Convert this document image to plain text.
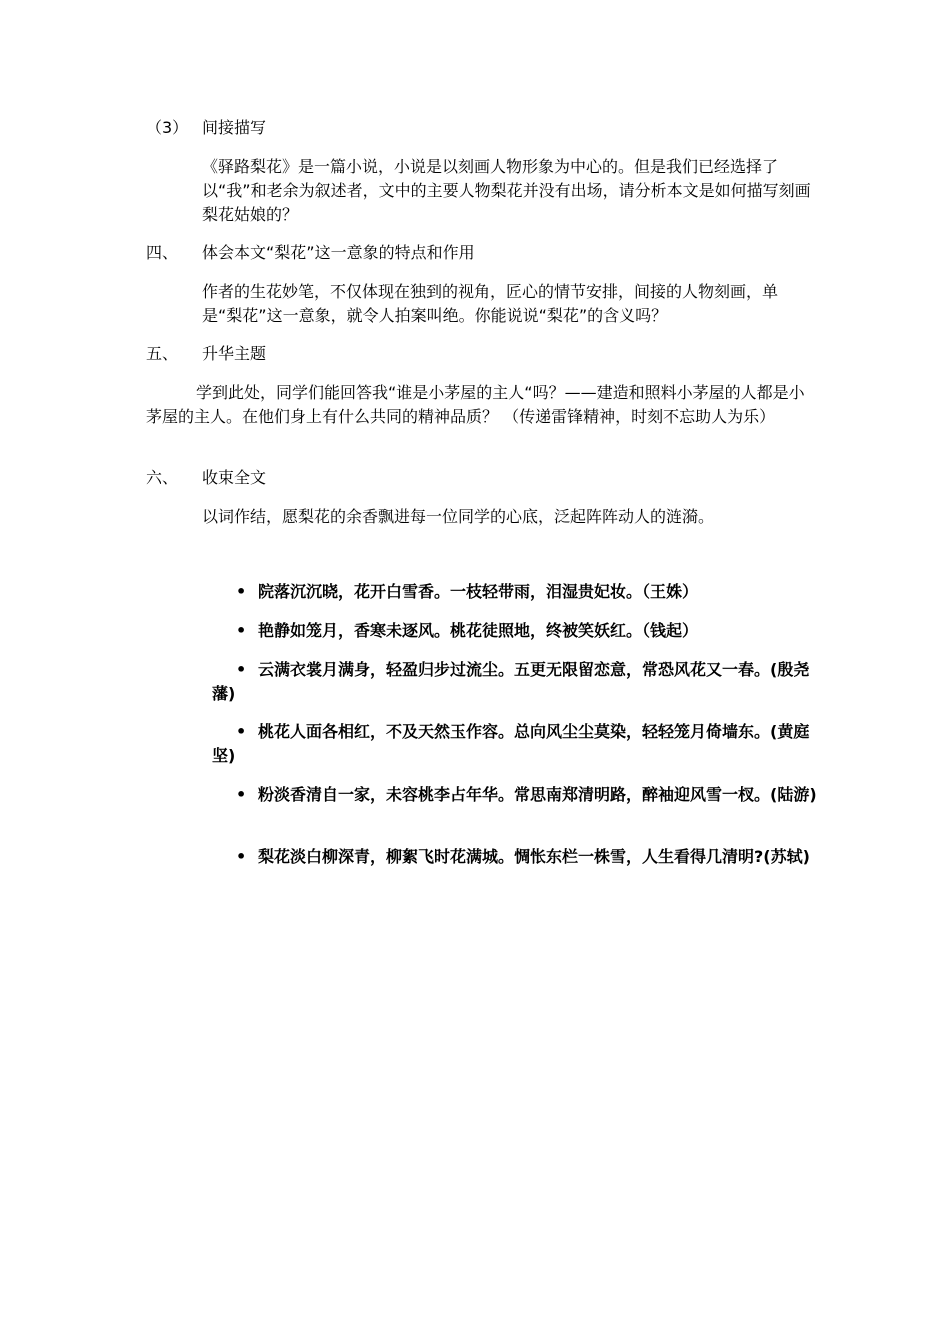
（3） 间接描写
《驿路梨花》是一篇小说，小说是以刻画人物形象为中心的。但是我们已经选择了以“我”和老余为叙述者，文中的主要人物梨花并没有出场，请分析本文是如何描写刻画梨花姑娘的？
四、 体会本文“梨花”这一意象的特点和作用
作者的生花妙笔，不仅体现在独到的视角，匠心的情节安排，间接的人物刻画，单是“梨花”这一意象，就令人拍案叫绝。你能说说“梨花”的含义吗？
五、 升华主题
学到此处，同学们能回答我“谁是小茅屋的主人“吗？——建造和照料小茅屋的人都是小茅屋的主人。在他们身上有什么共同的精神品质？ （传递雷锋精神，时刻不忘助人为乐）
六、 收束全文
以词作结，愿梨花的余香飘进每一位同学的心底，泛起阵阵动人的涟漪。
• 院落沉沉晓，花开白雪香。一枝轻带雨，泪湿贵妃妆。（王姝）
• 艳静如笼月，香寒未逐风。桃花徒照地，终被笑妖红。（钱起）
• 云满衣裳月满身，轻盈归步过流尘。五更无限留恋意，常恐风花又一春。(殷尧藩)
• 桃花人面各相红，不及天然玉作容。总向风尘尘莫染，轻轻笼月倚墙东。(黄庭坚)
• 粉淡香清自一家，未容桃李占年华。常思南郑清明路，醉袖迎风雪一杈。(陆游)
• 梨花淡白柳深青，柳絮飞时花满城。惆怅东栏一株雪，人生看得几清明?(苏轼)
